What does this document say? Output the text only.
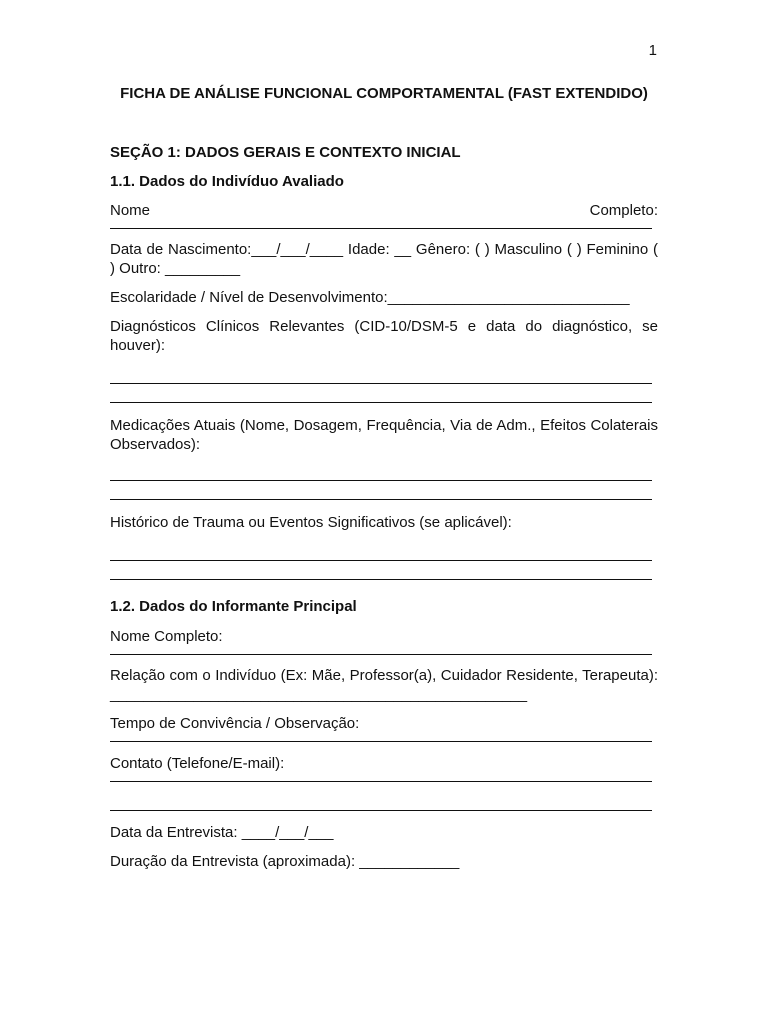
1
FICHA DE ANÁLISE FUNCIONAL COMPORTAMENTAL (FAST EXTENDIDO)
SEÇÃO 1: DADOS GERAIS E CONTEXTO INICIAL
1.1. Dados do Indivíduo Avaliado
Nome	Completo:
Data de Nascimento:___/___/____ Idade: __ Gênero: ( ) Masculino ( ) Feminino ( ) Outro: _________
Escolaridade / Nível de Desenvolvimento:_____________________________
Diagnósticos Clínicos Relevantes (CID-10/DSM-5 e data do diagnóstico, se houver):
Medicações Atuais (Nome, Dosagem, Frequência, Via de Adm., Efeitos Colaterais Observados):
Histórico de Trauma ou Eventos Significativos (se aplicável):
1.2. Dados do Informante Principal
Nome Completo:
Relação com o Indivíduo (Ex: Mãe, Professor(a), Cuidador Residente, Terapeuta): __________________________________________________
Tempo de Convivência / Observação:
Contato (Telefone/E-mail):
Data da Entrevista: ____/___/___
Duração da Entrevista (aproximada): ____________
